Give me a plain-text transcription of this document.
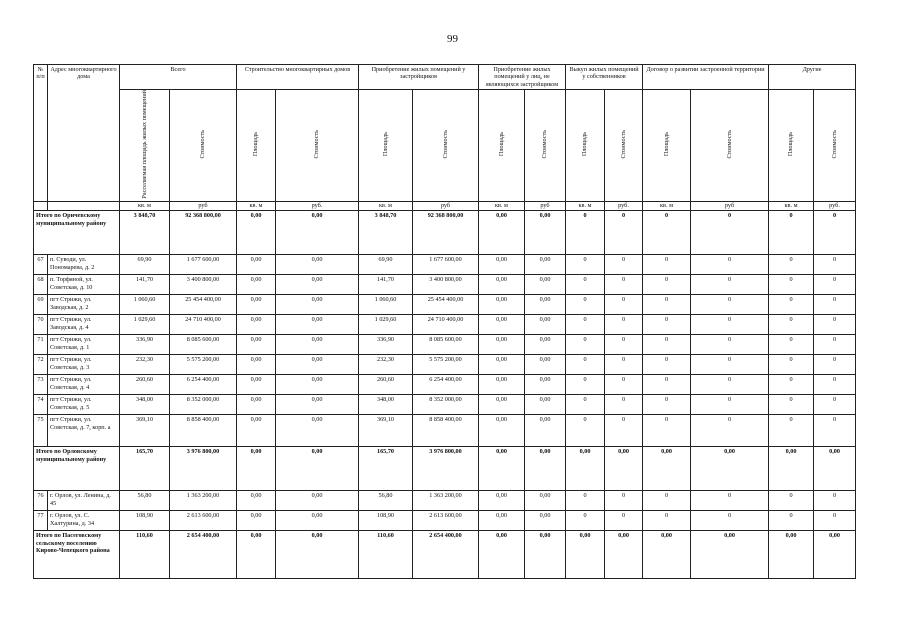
99
№
п/п	Адрес многоквартирного дома	Всего		Строительство многоквартирных домов		Приобретение жилых помещений у застройщиков		Приобретение жилых помещений у лиц, не являющихся застройщиком		Выкуп жилых помещений у собственников		Договор о развитии застроенной территории		Другие	
		Расселяемая площадь жилых помещений	Стоимость	Площадь	Стоимость	Площадь	Стоимость	Площадь	Стоимость	Площадь	Стоимость	Площадь	Стоимость	Площадь	Стоимость
		кв. м	руб	кв. м	руб.	кв. м	руб	кв. м	руб	кв. м	руб.	кв. м	руб	кв. м	руб.
Итого по Оричевскому муниципальному району		3 848,70	92 368 800,00	0,00	0,00	3 848,70	92 368 800,00	0,00	0,00	0	0	0	0	0	0
67	п. Суводи, ул. Пономарева, д. 2	69,90	1 677 600,00	0,00	0,00	69,90	1 677 600,00	0,00	0,00	0	0	0	0	0	0
68	п. Торфяной, ул. Советская, д. 10	141,70	3 400 800,00	0,00	0,00	141,70	3 400 800,00	0,00	0,00	0	0	0	0	0	0
69	пгт Стрижи, ул. Заводская, д. 2	1 060,60	25 454 400,00	0,00	0,00	1 060,60	25 454 400,00	0,00	0,00	0	0	0	0	0	0
70	пгт Стрижи, ул. Заводская, д. 4	1 029,60	24 710 400,00	0,00	0,00	1 029,60	24 710 400,00	0,00	0,00	0	0	0	0	0	0
71	пгт Стрижи, ул. Советская, д. 1	336,90	8 085 600,00	0,00	0,00	336,90	8 085 600,00	0,00	0,00	0	0	0	0	0	0
72	пгт Стрижи, ул. Советская, д. 3	232,30	5 575 200,00	0,00	0,00	232,30	5 575 200,00	0,00	0,00	0	0	0	0	0	0
73	пгт Стрижи, ул. Советская, д. 4	260,60	6 254 400,00	0,00	0,00	260,60	6 254 400,00	0,00	0,00	0	0	0	0	0	0
74	пгт Стрижи, ул. Советская, д. 5	348,00	8 352 000,00	0,00	0,00	348,00	8 352 000,00	0,00	0,00	0	0	0	0	0	0
75	пгт Стрижи, ул. Советская, д. 7, корп. а	369,10	8 858 400,00	0,00	0,00	369,10	8 858 400,00	0,00	0,00	0	0	0	0	0	0
Итого по Орловскому муниципальному району		165,70	3 976 800,00	0,00	0,00	165,70	3 976 800,00	0,00	0,00	0,00	0,00	0,00	0,00	0,00	0,00
76	г. Орлов, ул. Ленина, д. 45	56,80	1 363 200,00	0,00	0,00	56,80	1 363 200,00	0,00	0,00	0	0	0	0	0	0
77	г. Орлов, ул. С. Халтурина, д. 34	108,90	2 613 600,00	0,00	0,00	108,90	2 613 600,00	0,00	0,00	0	0	0	0	0	0
Итого по Пасеговскому сельскому поселению Кирово-Чепецкого района		110,60	2 654 400,00	0,00	0,00	110,60	2 654 400,00	0,00	0,00	0,00	0,00	0,00	0,00	0,00	0,00
